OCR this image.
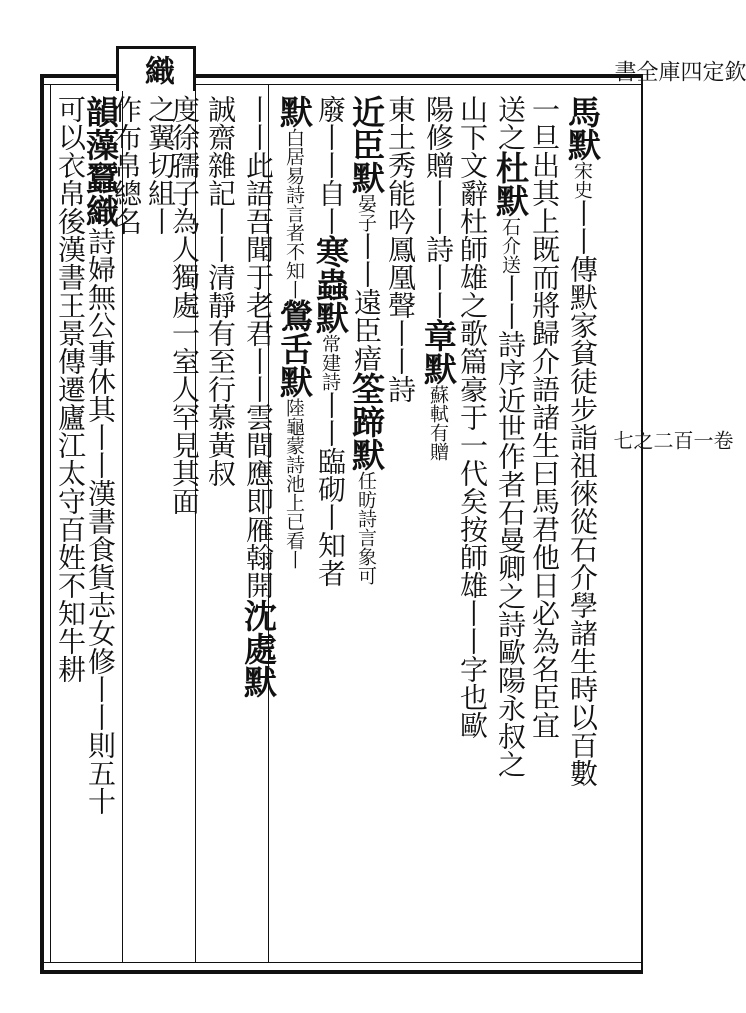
織	欽定四庫全書
卷一百二之七
馬默宋史丨丨傳默家貧徒步詣祖徠從石介學諸生時以百數
一旦出其上既而將歸介語諸生曰馬君他日必為名臣宜
送之杜默石介送丨丨詩序近世作者石曼卿之詩歐陽永叔之
山下文辭杜師雄之歌篇豪于一代矣按師雄丨丨字也歐
陽修贈丨丨詩丨丨章默蘇軾有贈
東土秀能吟鳳凰聲丨丨詩
近臣默晏子丨丨遠臣瘖筌蹄默任昉詩言象可
廢丨丨自丨寒蟲默常建詩丨丨臨砌丨知者
默白居易詩言者不知丨鶯舌默陸龜蒙詩池上已看丨
丨丨此語吾聞于老君丨丨雲間應即雁翰開沈處默
誠齋雜記丨丨清靜有至行慕黃叔
度徐孺子為人獨處一室人罕見其面
之翼切組丨
作布帛總名
韻藻蠶織詩婦無公事休其丨丨漢書食貨志女修丨丨則五十
可以衣帛後漢書王景傳遷廬江太守百姓不知牛耕
